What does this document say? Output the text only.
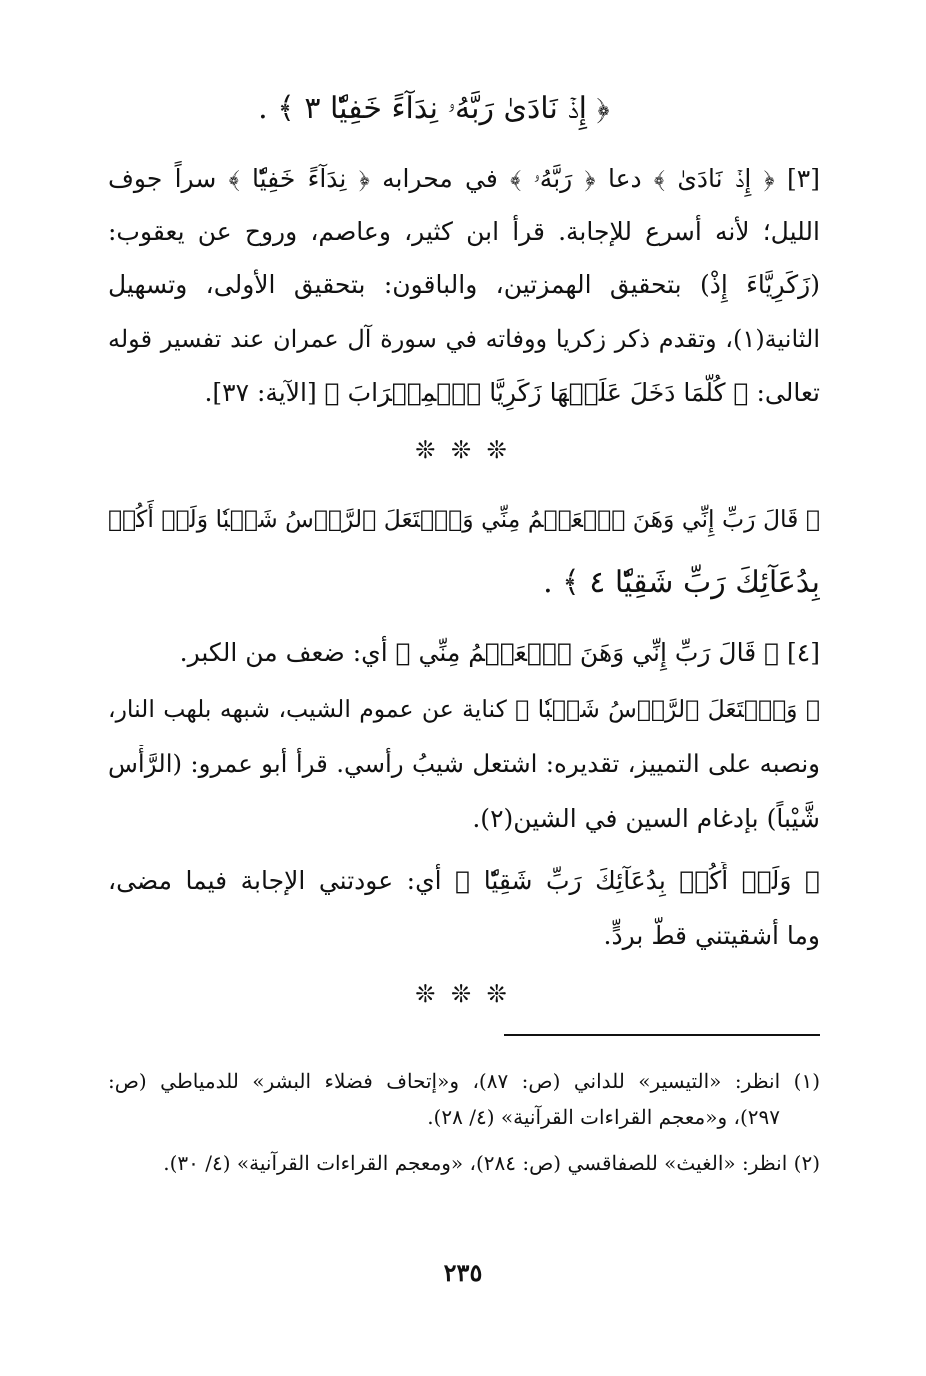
﴿ إِذۡ نَادَىٰ رَبَّهُۥ نِدَآءً خَفِيّٗا ٣ ﴾ .
[٣] ﴿ إِذۡ نَادَىٰ ﴾ دعا ﴿ رَبَّهُۥ ﴾ في محرابه ﴿ نِدَآءً خَفِيّٗا ﴾ سراً جوف
الليل؛ لأنه أسرع للإجابة. قرأ ابن كثير، وعاصم، وروح عن يعقوب:
(زَكَرِيَّاءَ إِذْ) بتحقيق الهمزتين، والباقون: بتحقيق الأولى، وتسهيل
الثانية(١)، وتقدم ذكر زكريا ووفاته في سورة آل عمران عند تفسير قوله
تعالى: ﴿ كُلَّمَا دَخَلَ عَلَيۡهَا زَكَرِيَّا ٱلۡمِحۡرَابَ ﴾ [الآية: ٣٧].
❊ ❊ ❊
﴿ قَالَ رَبِّ إِنِّي وَهَنَ ٱلۡعَظۡمُ مِنِّي وَٱشۡتَعَلَ ٱلرَّأۡسُ شَيۡبٗا وَلَمۡ أَكُنۢ
بِدُعَآئِكَ رَبِّ شَقِيّٗا ٤ ﴾ .
[٤] ﴿ قَالَ رَبِّ إِنِّي وَهَنَ ٱلۡعَظۡمُ مِنِّي ﴾ أي: ضعف من الكبر.
﴿ وَٱشۡتَعَلَ ٱلرَّأۡسُ شَيۡبٗا ﴾ كناية عن عموم الشيب، شبهه بلهب النار،
ونصبه على التمييز، تقديره: اشتعل شيبُ رأسي. قرأ أبو عمرو: (الرَّأْس
شَّيْباً) بإدغام السين في الشين(٢).
﴿ وَلَمۡ أَكُنۢ بِدُعَآئِكَ رَبِّ شَقِيّٗا ﴾ أي: عودتني الإجابة فيما مضى،
وما أشقيتني قطُّ بردٍّ.
❊ ❊ ❊
(١) انظر: «التيسير» للداني (ص: ٨٧)، و«إتحاف فضلاء البشر» للدمياطي (ص:
٢٩٧)، و«معجم القراءات القرآنية» (٤/ ٢٨).
(٢) انظر: «الغيث» للصفاقسي (ص: ٢٨٤)، «ومعجم القراءات القرآنية» (٤/ ٣٠).
٢٣٥
